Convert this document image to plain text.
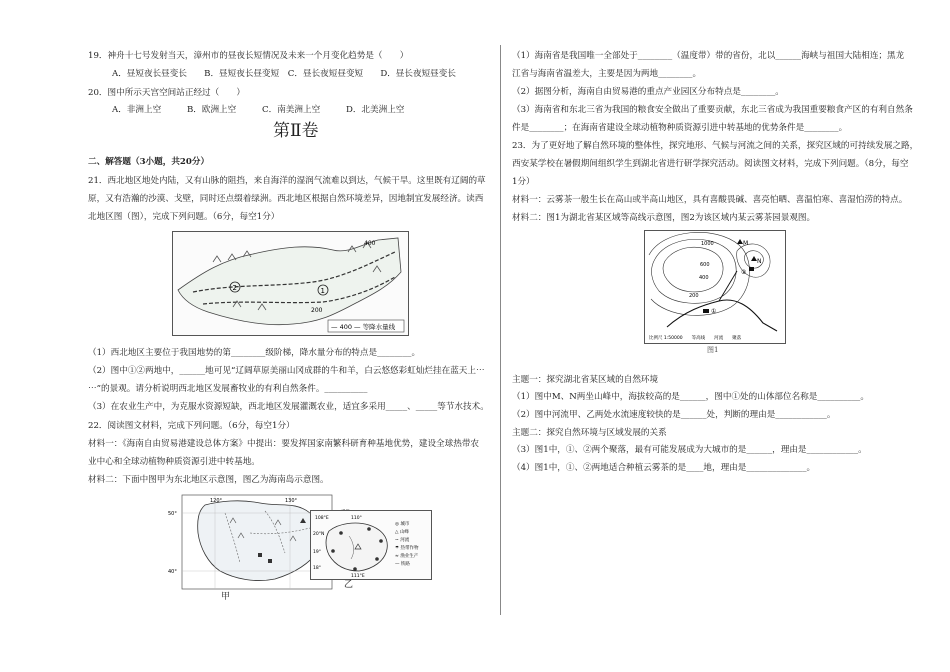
19．神舟十七号发射当天，漳州市的昼夜长短情况及未来一个月变化趋势是（　　）
A．昼短夜长昼变长　　B．昼短夜长昼变短　C．昼长夜短昼变短　　D．昼长夜短昼变长
20．图中所示天宫空间站正经过（　　）
A．非洲上空　　　B．欧洲上空　　　C．南美洲上空　　　D．北美洲上空
第Ⅱ卷
二、解答题（3小题，共20分）
21．西北地区地处内陆，又有山脉的阻挡，来自海洋的湿润气流难以到达，气候干旱。这里既有辽阔的草
原，又有浩瀚的沙漠、戈壁，同时还点缀着绿洲。西北地区根据自然环境差异，因地制宜发展经济。读西
北地区图（图），完成下列问题。（6分，每空1分）
1
2
400
200
— 400 — 等降水量线
（1）西北地区主要位于我国地势的第________级阶梯，降水量分布的特点是________。
（2）图中①②两地中，______地可见“辽阔草原美丽山冈成群的牛和羊，白云悠悠彩虹灿烂挂在蓝天上⋯
⋯”的景观。请分析说明西北地区发展畜牧业的有利自然条件。__________
（3）在农业生产中，为克服水资源短缺，西北地区发展灌溉农业，适宜多采用_____、_____等节水技术。
22．阅读图文材料，完成下列问题。（6分，每空1分）
材料一：《海南自由贸易港建设总体方案》中提出：要发挥国家南繁科研育种基地优势，建设全球热带农
业中心和全球动植物种质资源引进中转基地。
材料二：下面中图甲为东北地区示意图，图乙为海南岛示意图。
120°	130°
50°
40°
甲
108°E	110°
20°N
19°
111°E
◎ 城市
△ 山峰
~ 河流
☂ 热带作物
≈ 渔业生产
— 铁路
18°
乙
（1）海南省是我国唯一全部处于________（温度带）带的省份，北以______海峡与祖国大陆相连；黑龙
江省与海南省温差大，主要是因为两地________。
（2）据图分析，海南自由贸易港的重点产业园区分布特点是________。
（3）海南省和东北三省为我国的粮食安全做出了重要贡献，东北三省成为我国重要粮食产区的有利自然条
件是________；在海南省建设全球动植物种质资源引进中转基地的优势条件是________。
23．为了更好地了解自然环境的整体性，探究地形、气候与河流之间的关系，探究区域的可持续发展之路，
西安某学校在暑假期间组织学生到湖北省进行研学探究活动。阅读图文材料，完成下列问题。（8分，每空
1分）
材料一：云雾茶一般生长在高山或半高山地区，具有喜酸畏碱、喜亮怕晒、喜温怕寒、喜湿怕涝的特点。
材料二：图1为湖北省某区域等高线示意图，图2为该区域内某云雾茶园景观图。
1000
600
400
200
M
N
①
②
比例尺 1:50000　　等高线　　河流　　聚落
图1
主题一：探究湖北省某区域的自然环境
（1）图中M、N两坐山峰中，海拔较高的是______，图中①处的山体部位名称是__________。
（2）图中河流甲、乙两处水流速度较快的是______处，判断的理由是____________。
主题二：探究自然环境与区域发展的关系
（3）图1中，①、②两个聚落，最有可能发展成为大城市的是______，理由是____________。
（4）图1中，①、②两地适合种植云雾茶的是____地，理由是______________。
